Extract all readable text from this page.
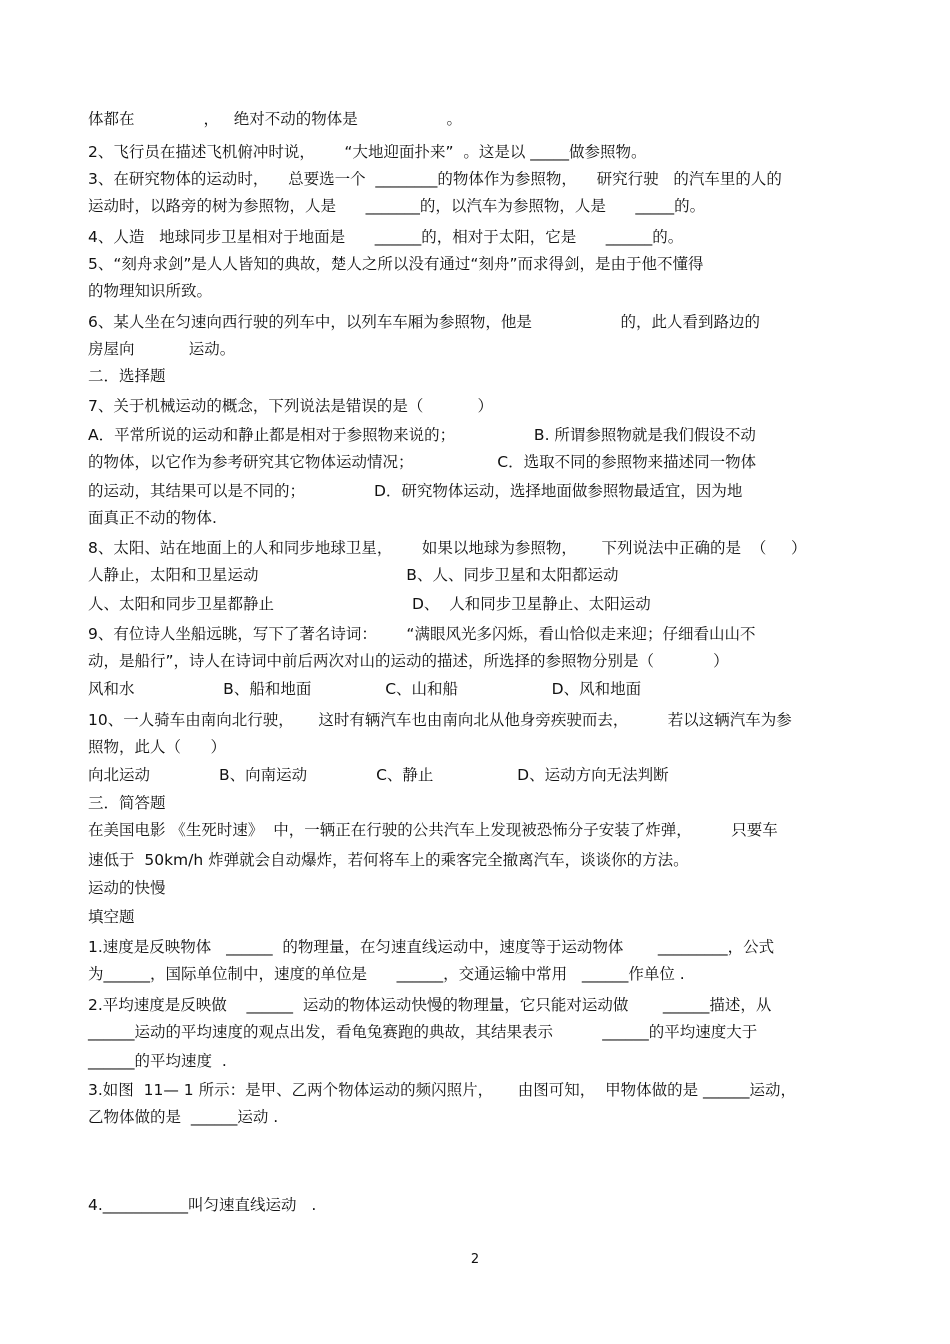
体都在              ，   绝对不动的物体是                  。
2、飞行员在描述飞机俯冲时说，      “大地迎面扑来”  。这是以 _____做参照物。
3、在研究物体的运动时，    总要选一个  ________的物体作为参照物，    研究行驶   的汽车里的人的
运动时，以路旁的树为参照物，人是      _______的，以汽车为参照物，人是      _____的。
4、人造   地球同步卫星相对于地面是      ______的，相对于太阳，它是      ______的。
5、“刻舟求剑”是人人皆知的典故，楚人之所以没有通过“刻舟”而求得剑，是由于他不懂得
的物理知识所致。
6、某人坐在匀速向西行驶的列车中，以列车车厢为参照物，他是                  的，此人看到路边的
房屋向           运动。
二．选择题
7、关于机械运动的概念，下列说法是错误的是（           ）
A．平常所说的运动和静止都是相对于参照物来说的；                B. 所谓参照物就是我们假设不动
的物体，以它作为参考研究其它物体运动情况；                 C．选取不同的参照物来描述同一物体
的运动，其结果可以是不同的；              D．研究物体运动，选择地面做参照物最适宜，因为地
面真正不动的物体.
8、太阳、站在地面上的人和同步地球卫星，      如果以地球为参照物，     下列说法中正确的是  （     ）
人静止，太阳和卫星运动                              B、人、同步卫星和太阳都运动
人、太阳和同步卫星都静止                            D、  人和同步卫星静止、太阳运动
9、有位诗人坐船远眺，写下了著名诗词：      “满眼风光多闪烁，看山恰似走来迎；仔细看山山不
动，是船行”，诗人在诗词中前后两次对山的运动的描述，所选择的参照物分别是（            ）
风和水                  B、船和地面               C、山和船                   D、风和地面
10、一人骑车由南向北行驶，     这时有辆汽车也由南向北从他身旁疾驶而去，        若以这辆汽车为参
照物，此人（      ）
向北运动              B、向南运动              C、静止                 D、运动方向无法判断
三．简答题
在美国电影 《生死时速》  中，一辆正在行驶的公共汽车上发现被恐怖分子安装了炸弹，        只要车
速低于  50km/h 炸弹就会自动爆炸，若何将车上的乘客完全撤离汽车，谈谈你的方法。
运动的快慢
填空题
1.速度是反映物体   ______  的物理量，在匀速直线运动中，速度等于运动物体       _________，公式
为______，国际单位制中，速度的单位是      ______，交通运输中常用   ______作单位 .
2.平均速度是反映做    ______  运动的物体运动快慢的物理量，它只能对运动做       ______描述，从
______运动的平均速度的观点出发，看龟兔赛跑的典故，其结果表示          ______的平均速度大于
______的平均速度  .
3.如图  11— 1 所示：是甲、乙两个物体运动的频闪照片，     由图可知，  甲物体做的是 ______运动，
乙物体做的是  ______运动 .
4.___________叫匀速直线运动   .
2
